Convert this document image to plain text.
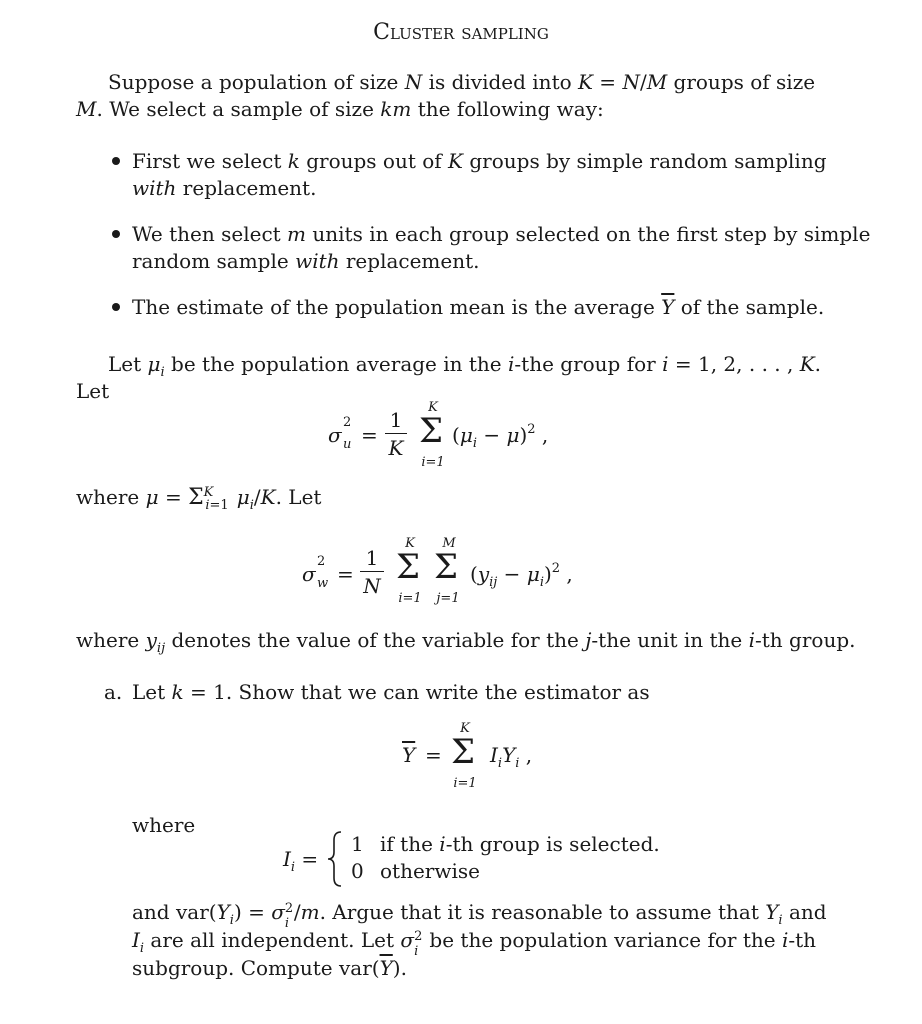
Cluster sampling
Suppose a population of size N is divided into K = N/M groups of size
M. We select a sample of size km the following way:
First we select k groups out of K groups by simple random sampling
with replacement.
We then select m units in each group selected on the first step by simple
random sample with replacement.
The estimate of the population mean is the average $\overline{Y}$ of the sample.
Let $\mu_i$ be the population average in the i-the group for i = 1, 2, . . . , K.
Let
σ
2
$u = \frac{1}{K}$
K
Σ
i=1
$(\mu_i - \mu)^2$ ,
where $\mu = \Sigma^K_{i=1}$ $\mu_i/K$. Let
σ
2
$w = \frac{1}{N}$
K
Σ
i=1
M
Σ
j=1
$(y_{ij} - \mu_i)^2$ ,
where $y_{ij}$ denotes the value of the variable for the j-the unit in the i-th group.
a. Let k = 1. Show that we can write the estimator as
$\overline{Y}$ =
K
Σ
i=1
$I_iY_i$ ,
where
$I_i$ =
1 if the i-th group is selected.
0 otherwise
and $var(Y_i) = \sigma$ 2
i /m. Argue that it is reasonable to assume that $Y_i$ and
$I_i$ are all independent. Let σ 2
i be the population variance for the i-th
subgroup. Compute $var(\overline{Y})$.
